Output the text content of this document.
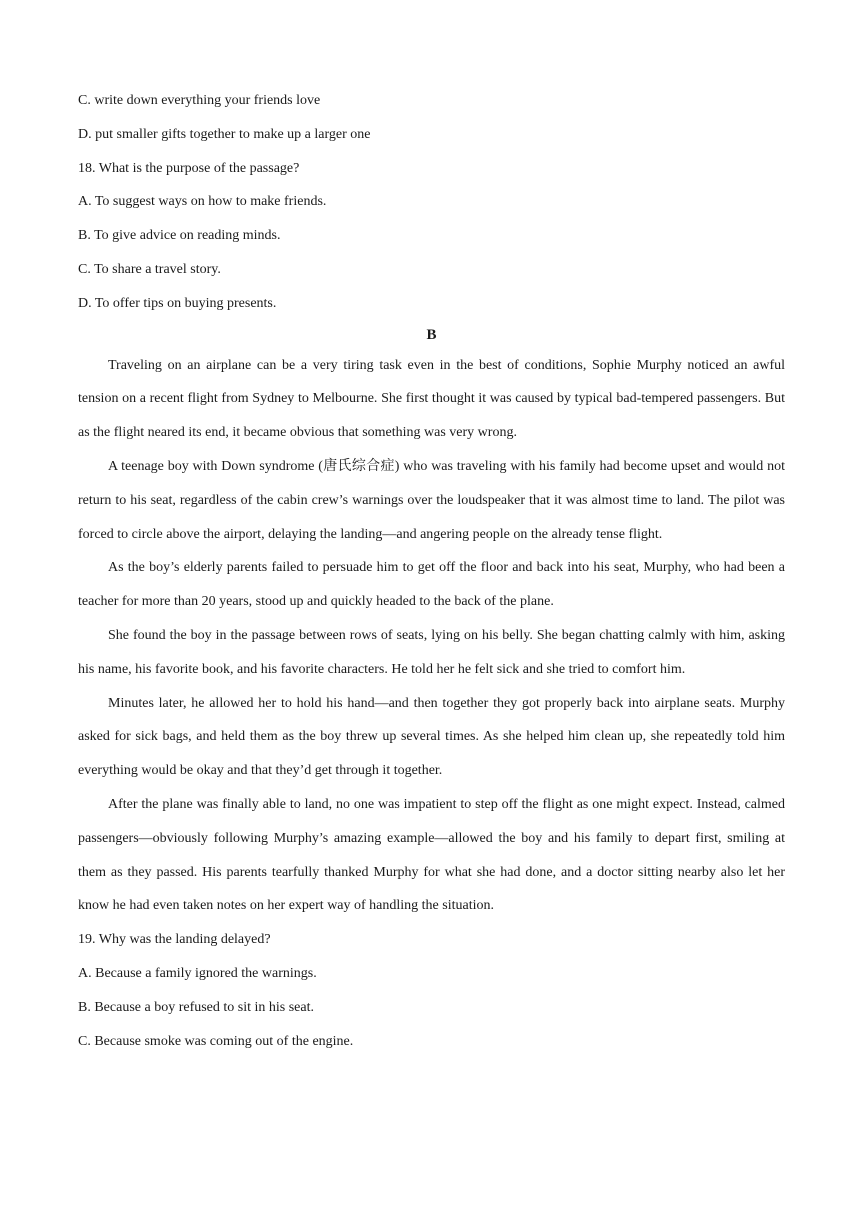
C. write down everything your friends love

D. put smaller gifts together to make up a larger one

18. What is the purpose of the passage?

A. To suggest ways on how to make friends.

B. To give advice on reading minds.

C. To share a travel story.

D. To offer tips on buying presents.

B

Traveling on an airplane can be a very tiring task even in the best of conditions, Sophie Murphy noticed an awful tension on a recent flight from Sydney to Melbourne. She first thought it was caused by typical bad-tempered passengers. But as the flight neared its end, it became obvious that something was very wrong.

A teenage boy with Down syndrome (唐氏综合症) who was traveling with his family had become upset and would not return to his seat, regardless of the cabin crew’s warnings over the loudspeaker that it was almost time to land. The pilot was forced to circle above the airport, delaying the landing—and angering people on the already tense flight.

As the boy’s elderly parents failed to persuade him to get off the floor and back into his seat, Murphy, who had been a teacher for more than 20 years, stood up and quickly headed to the back of the plane.

She found the boy in the passage between rows of seats, lying on his belly. She began chatting calmly with him, asking his name, his favorite book, and his favorite characters. He told her he felt sick and she tried to comfort him.

Minutes later, he allowed her to hold his hand—and then together they got properly back into airplane seats. Murphy asked for sick bags, and held them as the boy threw up several times. As she helped him clean up, she repeatedly told him everything would be okay and that they’d get through it together.

After the plane was finally able to land, no one was impatient to step off the flight as one might expect. Instead, calmed passengers—obviously following Murphy’s amazing example—allowed the boy and his family to depart first, smiling at them as they passed. His parents tearfully thanked Murphy for what she had done, and a doctor sitting nearby also let her know he had even taken notes on her expert way of handling the situation.

19. Why was the landing delayed?

A. Because a family ignored the warnings.

B. Because a boy refused to sit in his seat.

C. Because smoke was coming out of the engine.
